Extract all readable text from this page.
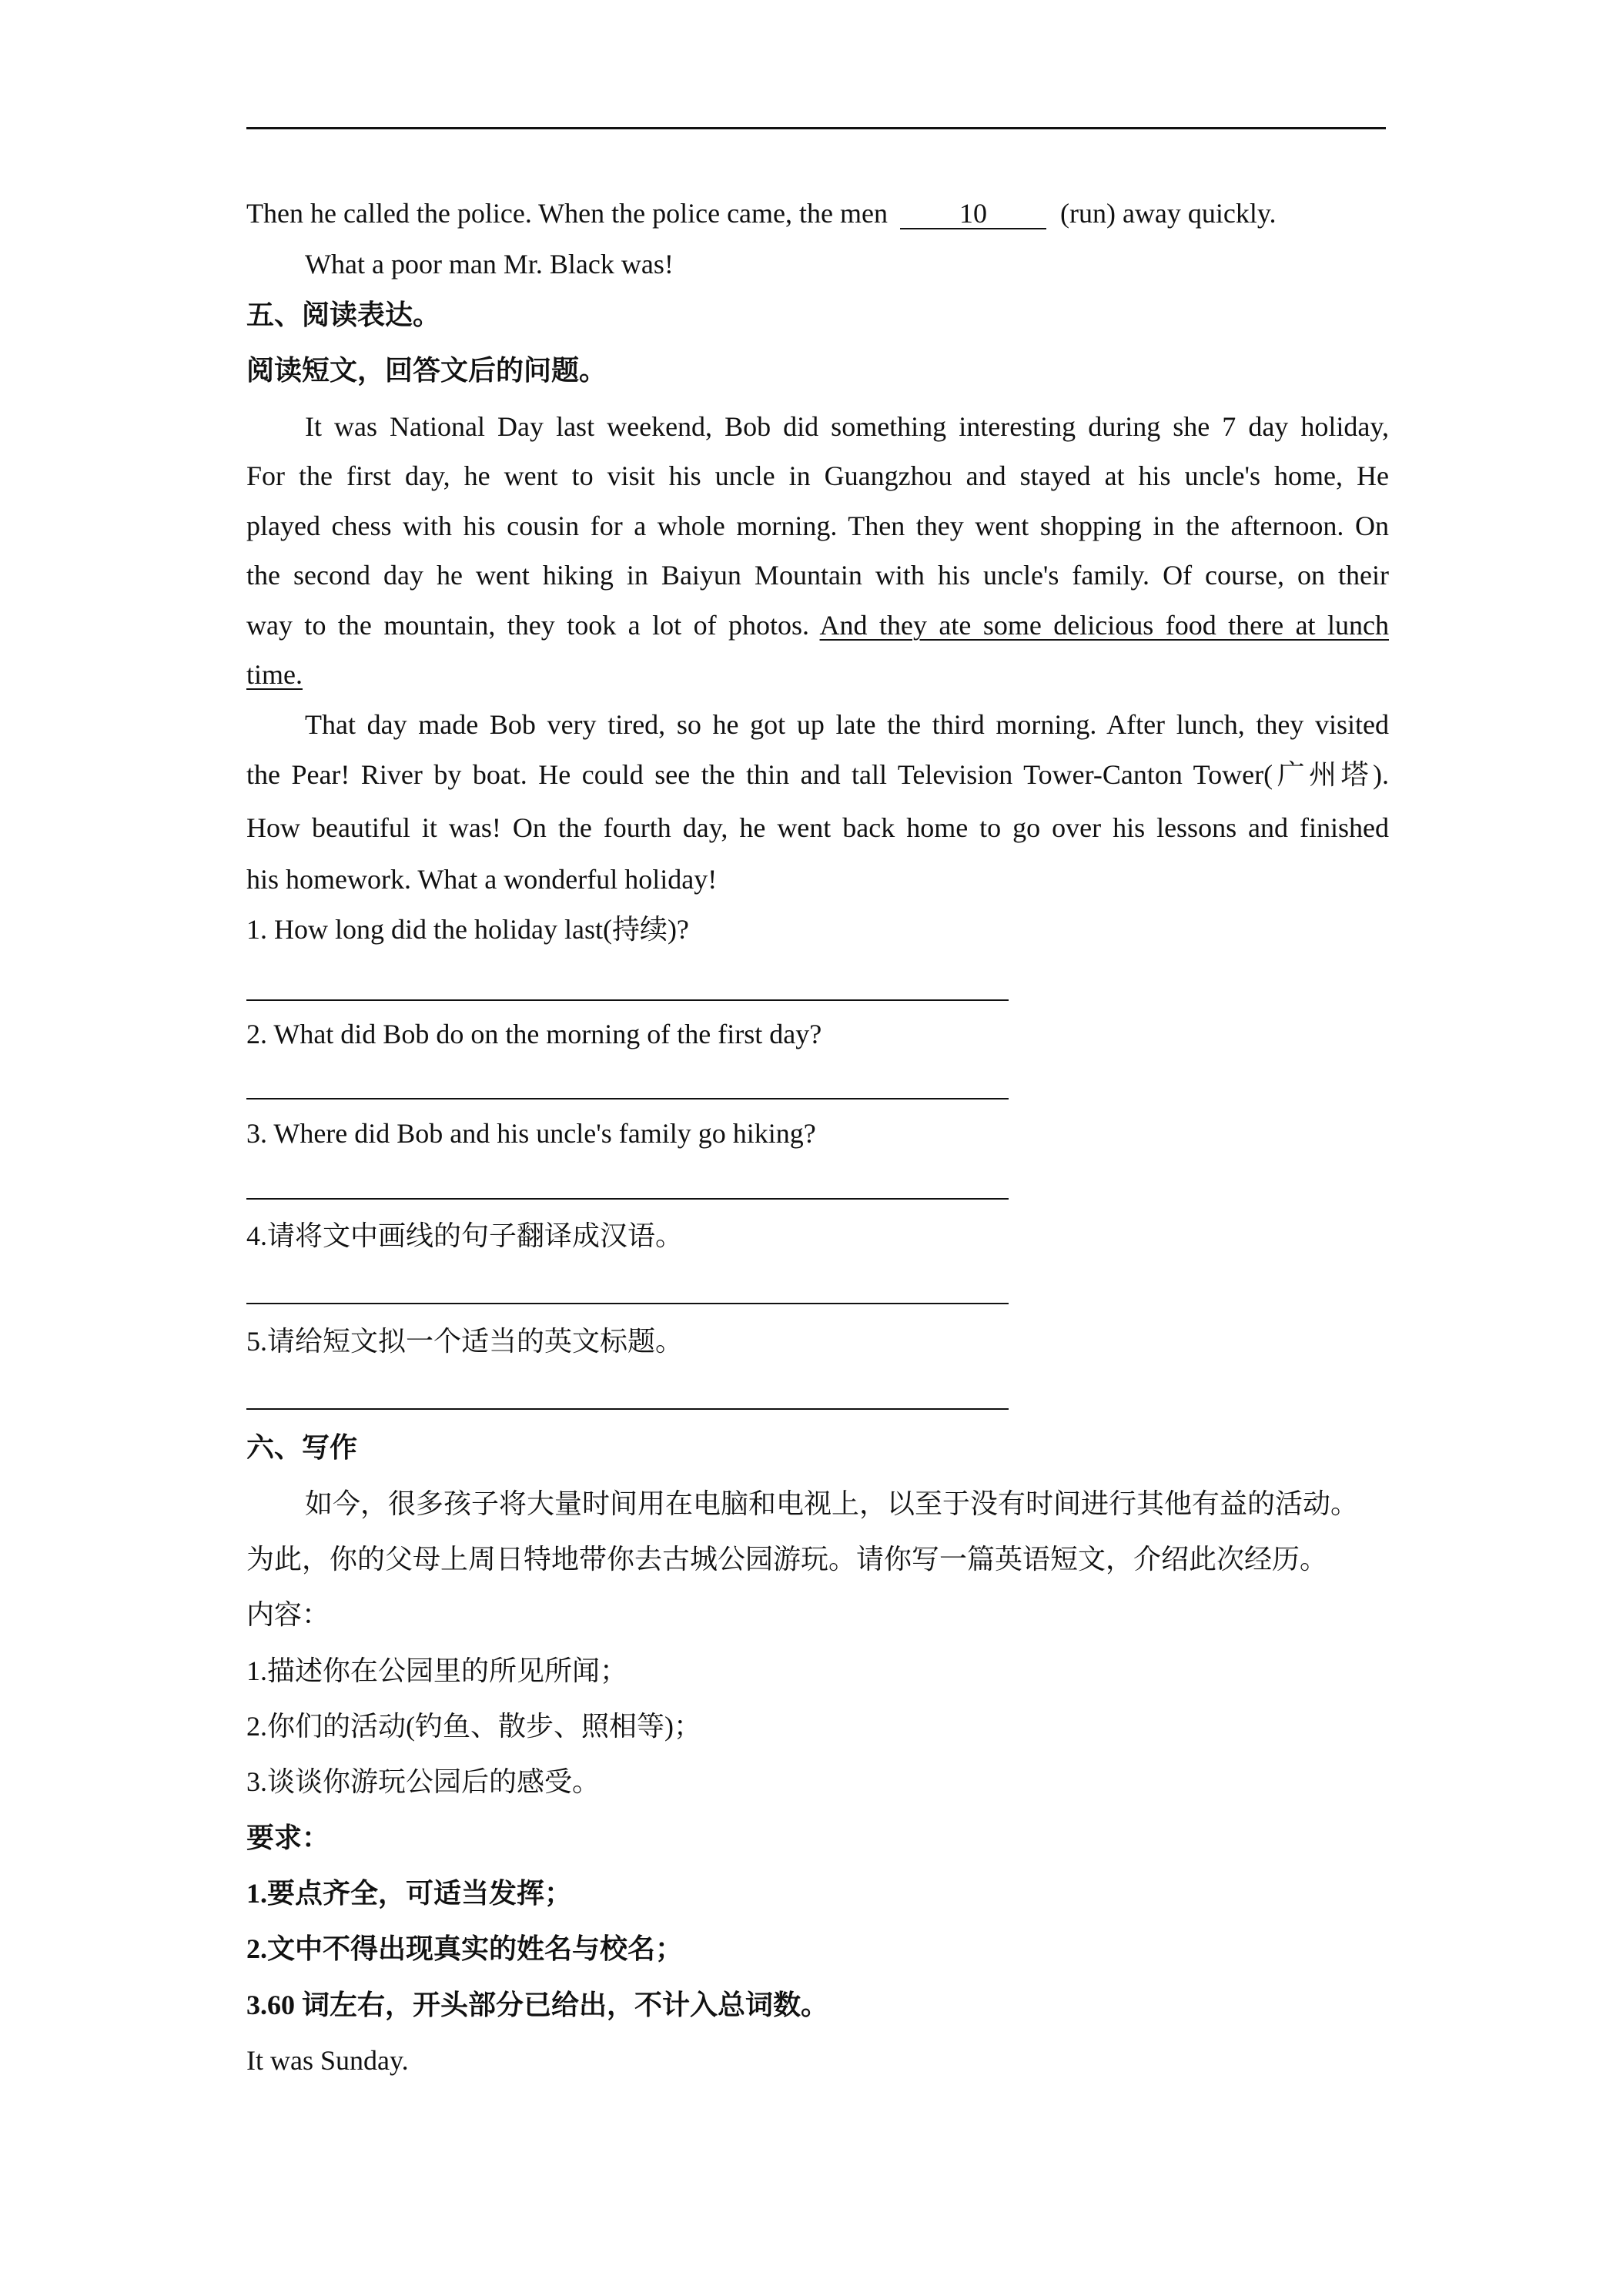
Then he called the police. When the police came, the men	10	(run) away quickly.
What a poor man Mr. Black was!
五、阅读表达。
阅读短文，回答文后的问题。
It was National Day last weekend, Bob did something interesting during she 7 day holiday,
For the first day, he went to visit his uncle in Guangzhou and stayed at his uncle's home, He
played chess with his cousin for a whole morning. Then they went shopping in the afternoon. On
the second day he went hiking in Baiyun Mountain with his uncle's family. Of course, on their
way to the mountain, they took a lot of photos. And they ate some delicious food there at lunch
time.
That day made Bob very tired, so he got up late the third morning. After lunch, they visited
the Pear! River by boat. He could see the thin and tall Television Tower-Canton Tower(广州塔).
How beautiful it was! On the fourth day, he went back home to go over his lessons and finished
his homework. What a wonderful holiday!
1. How long did the holiday last(持续)?
2. What did Bob do on the morning of the first day?
3. Where did Bob and his uncle's family go hiking?
4.请将文中画线的句子翻译成汉语。
5.请给短文拟一个适当的英文标题。
六、写作
如今，很多孩子将大量时间用在电脑和电视上，以至于没有时间进行其他有益的活动。
为此，你的父母上周日特地带你去古城公园游玩。请你写一篇英语短文，介绍此次经历。
内容：
1.描述你在公园里的所见所闻；
2.你们的活动(钓鱼、散步、照相等)；
3.谈谈你游玩公园后的感受。
要求：
1.要点齐全，可适当发挥；
2.文中不得出现真实的姓名与校名；
3.60 词左右，开头部分已给出，不计入总词数。
It was Sunday.
